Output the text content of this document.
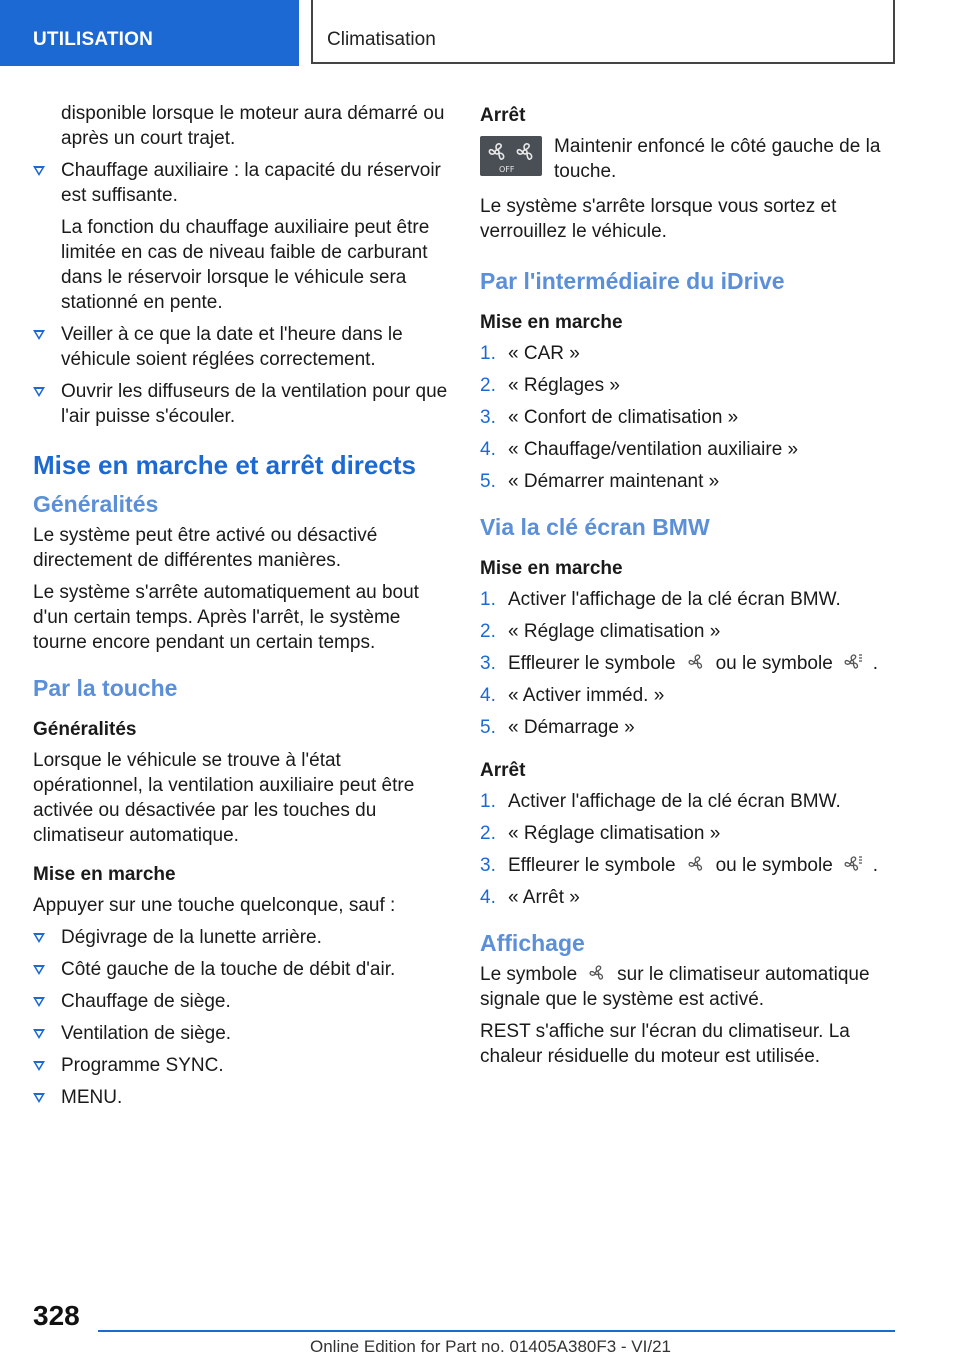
UTILISATION	Climatisation

disponible lorsque le moteur aura démarré ou après un court trajet.

Chauffage auxiliaire : la capacité du réservoir est suffisante.

La fonction du chauffage auxiliaire peut être limitée en cas de niveau faible de carburant dans le réservoir lorsque le véhicule sera stationné en pente.

Veiller à ce que la date et l'heure dans le véhicule soient réglées correctement.
Ouvrir les diffuseurs de la ventilation pour que l'air puisse s'écouler.
Mise en marche et arrêt directs
Généralités

Le système peut être activé ou désactivé directement de différentes manières.

Le système s'arrête automatiquement au bout d'un certain temps. Après l'arrêt, le système tourne encore pendant un certain temps.

Par la touche
Généralités

Lorsque le véhicule se trouve à l'état opérationnel, la ventilation auxiliaire peut être activée ou désactivée par les touches du climatiseur automatique.

Mise en marche

Appuyer sur une touche quelconque, sauf :

Dégivrage de la lunette arrière.
Côté gauche de la touche de débit d'air.
Chauffage de siège.
Ventilation de siège.
Programme SYNC.
MENU.
Arrêt
OFF
Maintenir enfoncé le côté gauche de la touche.

Le système s'arrête lorsque vous sortez et verrouillez le véhicule.

Par l'intermédiaire du iDrive
Mise en marche
1. « CAR »
2. « Réglages »
3. « Confort de climatisation »
4. « Chauffage/ventilation auxiliaire »
5. « Démarrer maintenant »
Via la clé écran BMW
Mise en marche
1. Activer l'affichage de la clé écran BMW.
2. « Réglage climatisation »
3. Effleurer le symbole ou le symbole .
4. « Activer imméd. »
5. « Démarrage »
Arrêt
1. Activer l'affichage de la clé écran BMW.
2. « Réglage climatisation »
3. Effleurer le symbole ou le symbole .
4. « Arrêt »
Affichage

Le symbole sur le climatiseur automatique signale que le système est activé.

REST s'affiche sur l'écran du climatiseur. La chaleur résiduelle du moteur est utilisée.

328
Online Edition for Part no. 01405A380F3 - VI/21
